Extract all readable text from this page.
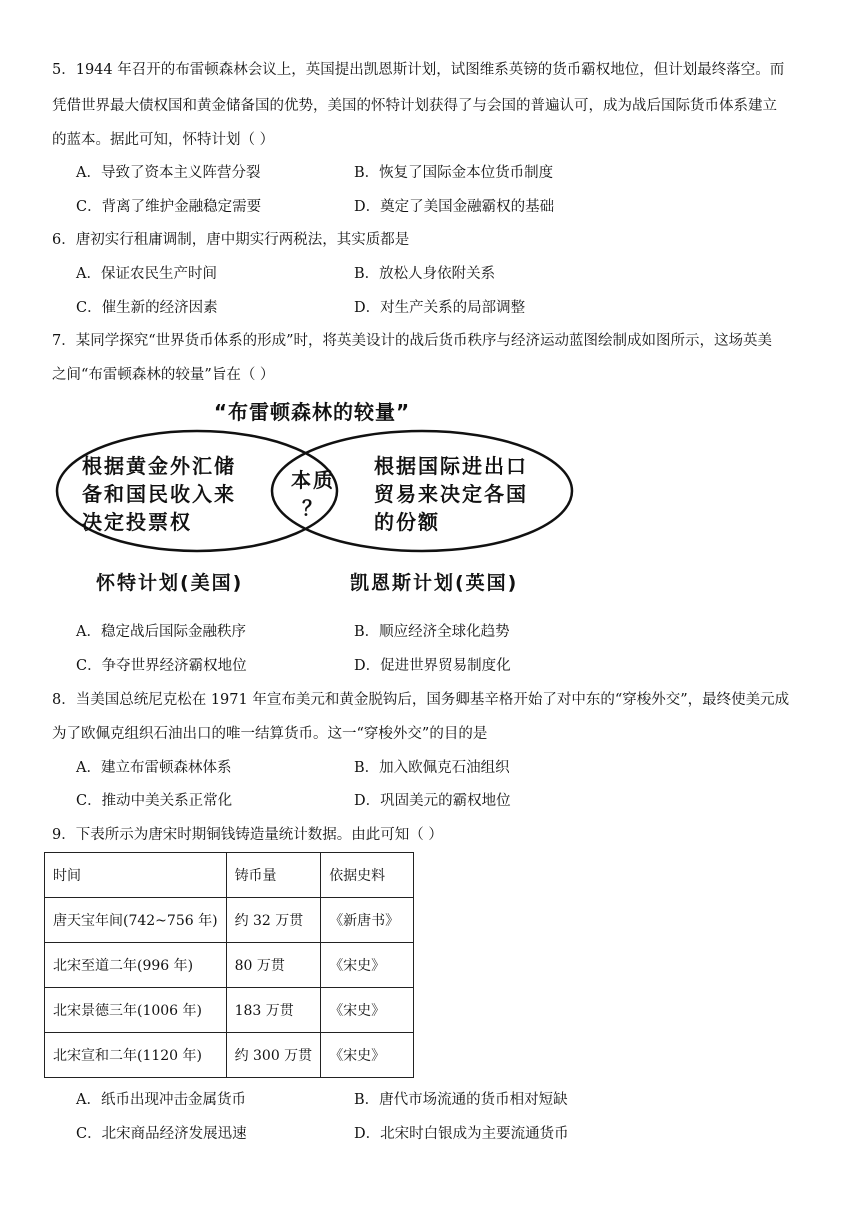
5．1944 年召开的布雷顿森林会议上，英国提出凯恩斯计划，试图维系英镑的货币霸权地位，但计划最终落空。而
凭借世界最大债权国和黄金储备国的优势，美国的怀特计划获得了与会国的普遍认可，成为战后国际货币体系建立
的蓝本。据此可知，怀特计划（ ）
A．导致了资本主义阵营分裂	B．恢复了国际金本位货币制度
C．背离了维护金融稳定需要	D．奠定了美国金融霸权的基础
6．唐初实行租庸调制，唐中期实行两税法，其实质都是
A．保证农民生产时间	B．放松人身依附关系
C．催生新的经济因素	D．对生产关系的局部调整
7．某同学探究“世界货币体系的形成”时，将英美设计的战后货币秩序与经济运动蓝图绘制成如图所示，这场英美
之间“布雷顿森林的较量”旨在（ ）
“布雷顿森林的较量”
根据黄金外汇储
备和国民收入来
决定投票权
本质
？
根据国际进出口
贸易来决定各国
的份额
怀特计划(美国)	凯恩斯计划(英国)
A．稳定战后国际金融秩序	B．顺应经济全球化趋势
C．争夺世界经济霸权地位	D．促进世界贸易制度化
8．当美国总统尼克松在 1971 年宣布美元和黄金脱钩后，国务卿基辛格开始了对中东的“穿梭外交”，最终使美元成
为了欧佩克组织石油出口的唯一结算货币。这一“穿梭外交”的目的是
A．建立布雷顿森林体系	B．加入欧佩克石油组织
C．推动中美关系正常化	D．巩固美元的霸权地位
9．下表所示为唐宋时期铜钱铸造量统计数据。由此可知（ ）
时间	铸币量	依据史料
唐天宝年间(742~756 年)	约 32 万贯	《新唐书》
北宋至道二年(996 年)	80 万贯	《宋史》
北宋景德三年(1006 年)	183 万贯	《宋史》
北宋宣和二年(1120 年)	约 300 万贯	《宋史》
A．纸币出现冲击金属货币	B．唐代市场流通的货币相对短缺
C．北宋商品经济发展迅速	D．北宋时白银成为主要流通货币
